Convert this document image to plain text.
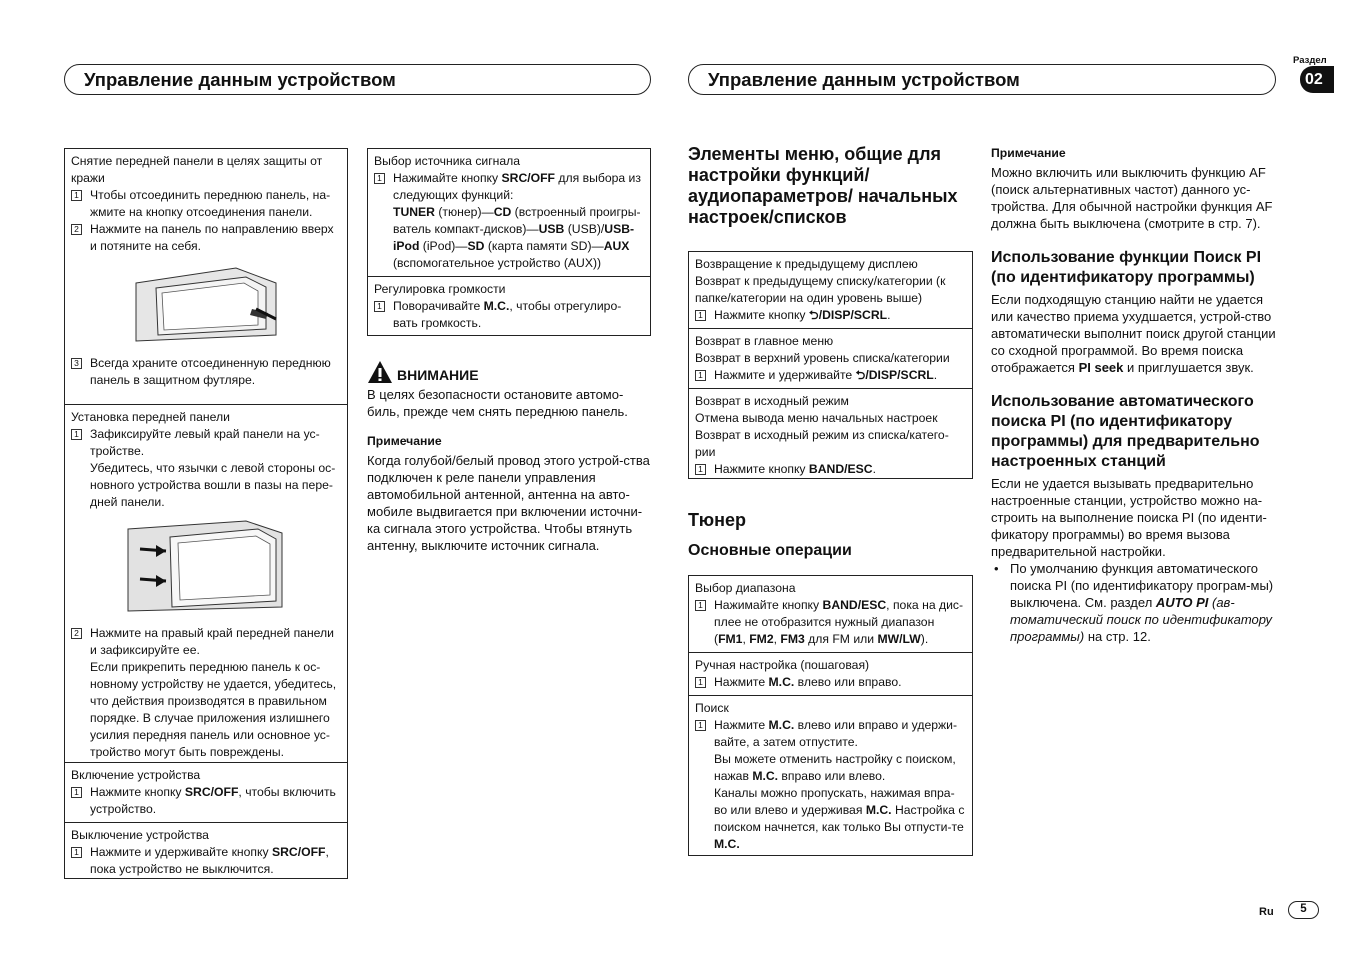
Управление данным устройством	Управление данным устройством
Раздел
02
Снятие передней панели в целях защиты от кражи
1 Чтобы отсоединить переднюю панель, на-жмите на кнопку отсоединения панели.
2 Нажмите на панель по направлению вверх и потяните на себя.
3 Всегда храните отсоединенную переднюю панель в защитном футляре.
Установка передней панели
1 Зафиксируйте левый край панели на ус-тройстве.
Убедитесь, что язычки с левой стороны ос-новного устройства вошли в пазы на пере-дней панели.
2 Нажмите на правый край передней панели и зафиксируйте ее.
Если прикрепить переднюю панель к ос-новному устройству не удается, убедитесь, что действия производятся в правильном порядке. В случае приложения излишнего усилия передняя панель или основное ус-тройство могут быть повреждены.
Включение устройства
1 Нажмите кнопку SRC/OFF, чтобы включить устройство.
Выключение устройства
1 Нажмите и удерживайте кнопку SRC/OFF, пока устройство не выключится.
Выбор источника сигнала
1 Нажимайте кнопку SRC/OFF для выбора из следующих функций:
TUNER (тюнер)—CD (встроенный проигры-ватель компакт-дисков)—USB (USB)/USB-iPod (iPod)—SD (карта памяти SD)—AUX (вспомогательное устройство (AUX))
Регулировка громкости
1 Поворачивайте M.C., чтобы отрегулиро-вать громкость.
ВНИМАНИЕ
В целях безопасности остановите автомо-биль, прежде чем снять переднюю панель.
Примечание
Когда голубой/белый провод этого устрой-ства подключен к реле панели управления автомобильной антенной, антенна на авто-мобиле выдвигается при включении источни-ка сигнала этого устройства. Чтобы втянуть антенну, выключите источник сигнала.
Элементы меню, общие для настройки функций/ аудиопараметров/ начальных настроек/списков
Возвращение к предыдущему дисплею
Возврат к предыдущему списку/категории (к папке/категории на один уровень выше)
1 Нажмите кнопку ⮌/DISP/SCRL.
Возврат в главное меню
Возврат в верхний уровень списка/категории
1 Нажмите и удерживайте ⮌/DISP/SCRL.
Возврат в исходный режим
Отмена вывода меню начальных настроек
Возврат в исходный режим из списка/катего-рии
1 Нажмите кнопку BAND/ESC.
Тюнер
Основные операции
Выбор диапазона
1 Нажимайте кнопку BAND/ESC, пока на дис-плее не отобразится нужный диапазон (FM1, FM2, FM3 для FM или MW/LW).
Ручная настройка (пошаговая)
1 Нажмите M.C. влево или вправо.
Поиск
1 Нажмите M.C. влево или вправо и удержи-вайте, а затем отпустите.
Вы можете отменить настройку с поиском, нажав M.C. вправо или влево.
Каналы можно пропускать, нажимая впра-во или влево и удерживая M.C. Настройка с поиском начнется, как только Вы отпусти-те M.C.
Примечание
Можно включить или выключить функцию AF (поиск альтернативных частот) данного ус-тройства. Для обычной настройки функция AF должна быть выключена (смотрите в стр. 7).
Использование функции Поиск PI (по идентификатору программы)
Если подходящую станцию найти не удается или качество приема ухудшается, устрой-ство автоматически выполнит поиск другой станции со сходной программой. Во время поиска отображается PI seek и приглушается звук.
Использование автоматического поиска PI (по идентификатору программы) для предварительно настроенных станций
Если не удается вызывать предварительно настроенные станции, устройство можно на-строить на выполнение поиска PI (по иденти-фикатору программы) во время вызова предварительной настройки.
• По умолчанию функция автоматического поиска PI (по идентификатору програм-мы) выключена. См. раздел AUTO PI (ав-томатический поиск по идентификатору программы) на стр. 12.
Ru	5
